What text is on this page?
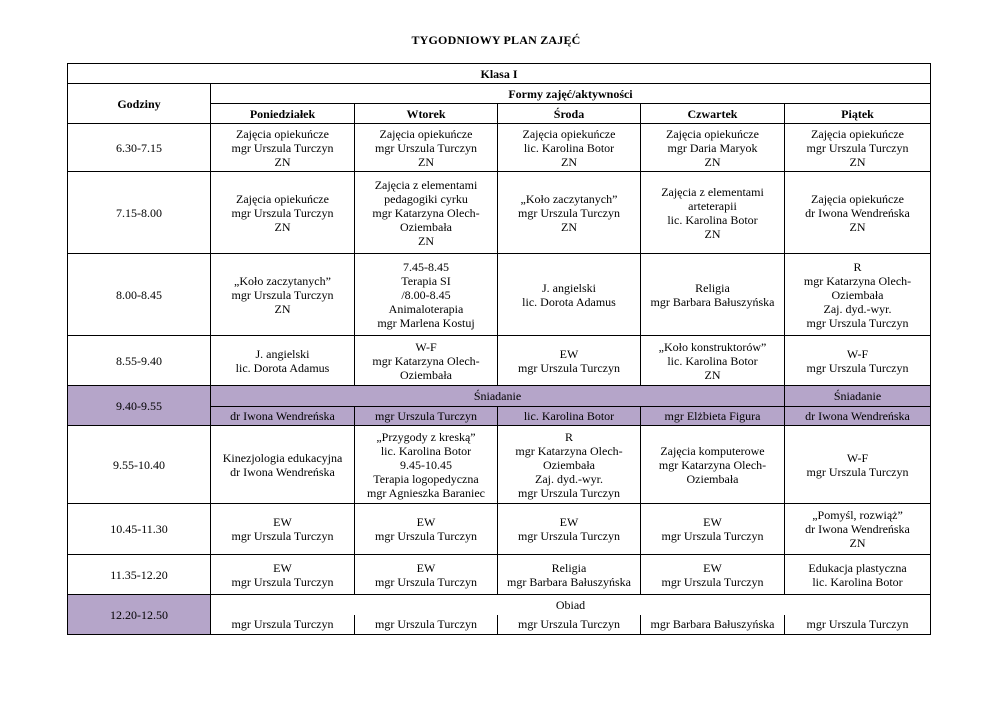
TYGODNIOWY PLAN ZAJĘĆ
Klasa I					
Godziny	Formy zajęć/aktywności				
	Poniedziałek	Wtorek	Środa	Czwartek	Piątek
6.30-7.15	Zajęcia opiekuńcze
mgr Urszula Turczyn
ZN	Zajęcia opiekuńcze
mgr Urszula Turczyn
ZN	Zajęcia opiekuńcze
lic. Karolina Botor
ZN	Zajęcia opiekuńcze
mgr Daria Maryok
ZN	Zajęcia opiekuńcze
mgr Urszula Turczyn
ZN

7.15-8.00	Zajęcia opiekuńcze
mgr Urszula Turczyn
ZN	Zajęcia z elementami
pedagogiki cyrku
mgr Katarzyna Olech-
Oziembała
ZN	„Koło zaczytanych”
mgr Urszula Turczyn
ZN	Zajęcia z elementami
arteterapii
lic. Karolina Botor
ZN	Zajęcia opiekuńcze
dr Iwona Wendreńska
ZN

8.00-8.45	„Koło zaczytanych”
mgr Urszula Turczyn
ZN	7.45-8.45
Terapia SI
/8.00-8.45
Animaloterapia
mgr Marlena Kostuj	J. angielski
lic. Dorota Adamus	Religia
mgr Barbara Bałuszyńska	R
mgr Katarzyna Olech-
Oziembała
Zaj. dyd.-wyr.
mgr Urszula Turczyn

8.55-9.40	J. angielski
lic. Dorota Adamus	W-F
mgr Katarzyna Olech-
Oziembała	EW
mgr Urszula Turczyn	„Koło konstruktorów”
lic. Karolina Botor
ZN	W-F
mgr Urszula Turczyn

9.40-9.55	Śniadanie				Śniadanie
	dr Iwona Wendreńska	mgr Urszula Turczyn	lic. Karolina Botor	mgr Elżbieta Figura	dr Iwona Wendreńska
9.55-10.40	Kinezjologia edukacyjna
dr Iwona Wendreńska	„Przygody z kreską”
lic. Karolina Botor
9.45-10.45
Terapia logopedyczna
mgr Agnieszka Baraniec	R
mgr Katarzyna Olech-
Oziembała
Zaj. dyd.-wyr.
mgr Urszula Turczyn	Zajęcia komputerowe
mgr Katarzyna Olech-
Oziembała	W-F
mgr Urszula Turczyn

10.45-11.30	EW
mgr Urszula Turczyn	EW
mgr Urszula Turczyn	EW
mgr Urszula Turczyn	EW
mgr Urszula Turczyn	„Pomyśl, rozwiąż”
dr Iwona Wendreńska
ZN

11.35-12.20	EW
mgr Urszula Turczyn	EW
mgr Urszula Turczyn	Religia
mgr Barbara Bałuszyńska	EW
mgr Urszula Turczyn	Edukacja plastyczna
lic. Karolina Botor

12.20-12.50	Obiad				
	mgr Urszula Turczyn	mgr Urszula Turczyn	mgr Urszula Turczyn	mgr Barbara Bałuszyńska	mgr Urszula Turczyn
